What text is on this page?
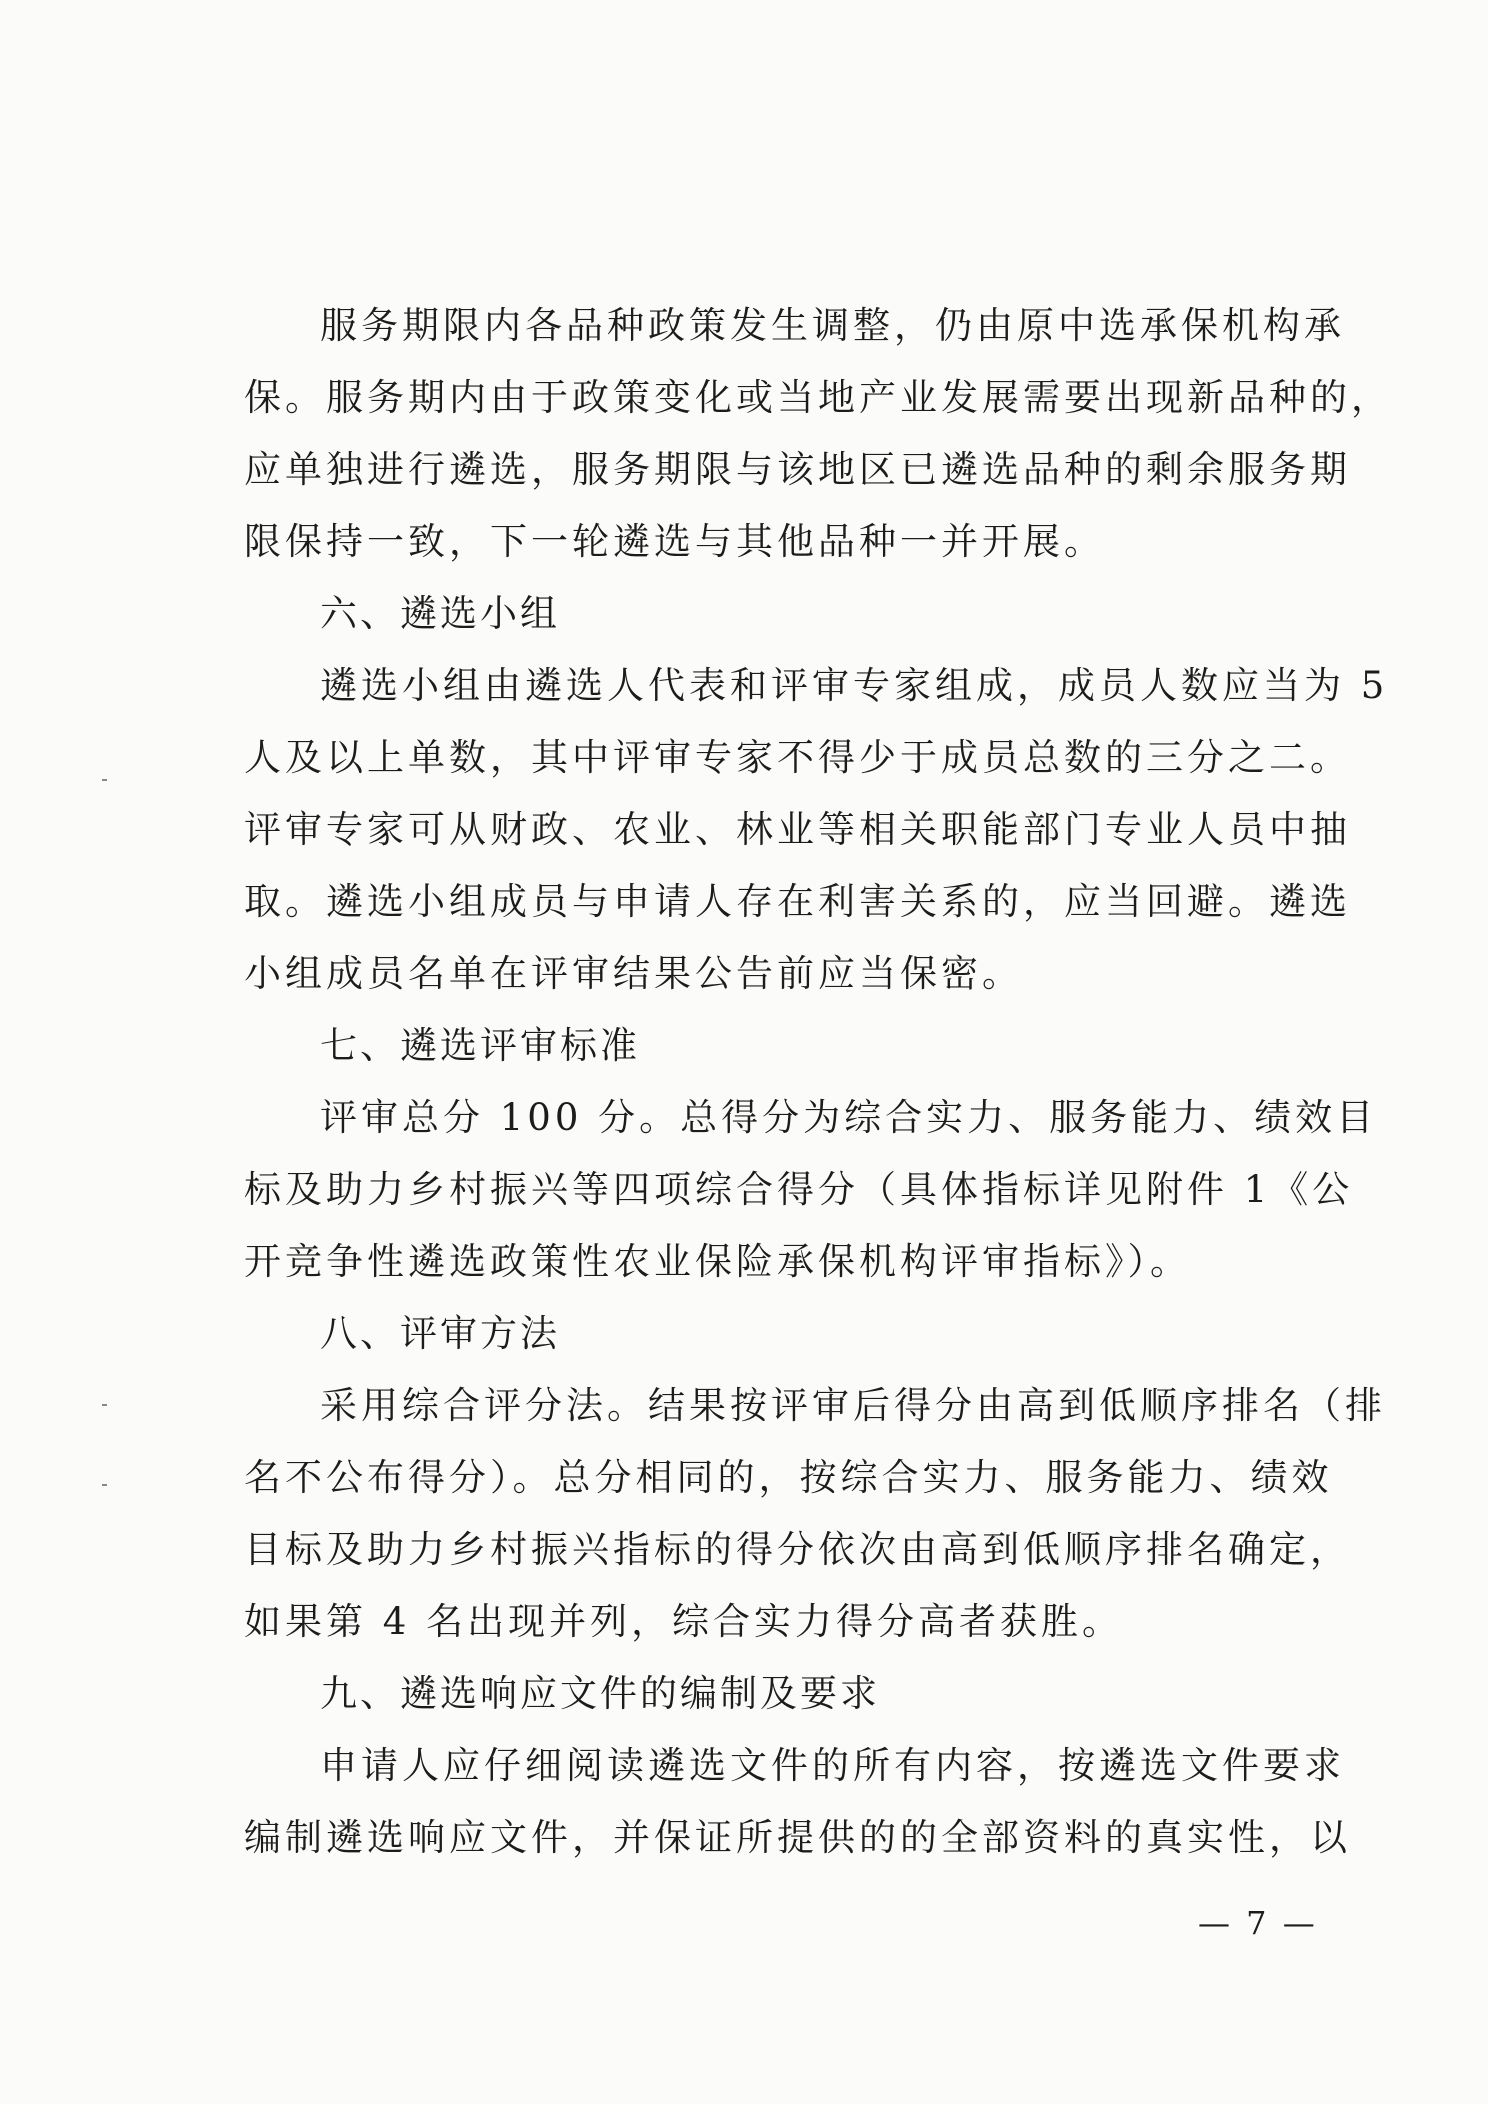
服务期限内各品种政策发生调整，仍由原中选承保机构承
保。服务期内由于政策变化或当地产业发展需要出现新品种的，
应单独进行遴选，服务期限与该地区已遴选品种的剩余服务期
限保持一致，下一轮遴选与其他品种一并开展。
六、遴选小组
遴选小组由遴选人代表和评审专家组成，成员人数应当为 5
人及以上单数，其中评审专家不得少于成员总数的三分之二。
评审专家可从财政、农业、林业等相关职能部门专业人员中抽
取。遴选小组成员与申请人存在利害关系的，应当回避。遴选
小组成员名单在评审结果公告前应当保密。
七、遴选评审标准
评审总分 100 分。总得分为综合实力、服务能力、绩效目
标及助力乡村振兴等四项综合得分（具体指标详见附件 1《公
开竞争性遴选政策性农业保险承保机构评审指标》）。
八、评审方法
采用综合评分法。结果按评审后得分由高到低顺序排名（排
名不公布得分）。总分相同的，按综合实力、服务能力、绩效
目标及助力乡村振兴指标的得分依次由高到低顺序排名确定，
如果第 4 名出现并列，综合实力得分高者获胜。
九、遴选响应文件的编制及要求
申请人应仔细阅读遴选文件的所有内容，按遴选文件要求
编制遴选响应文件，并保证所提供的的全部资料的真实性，以
— 7 —
